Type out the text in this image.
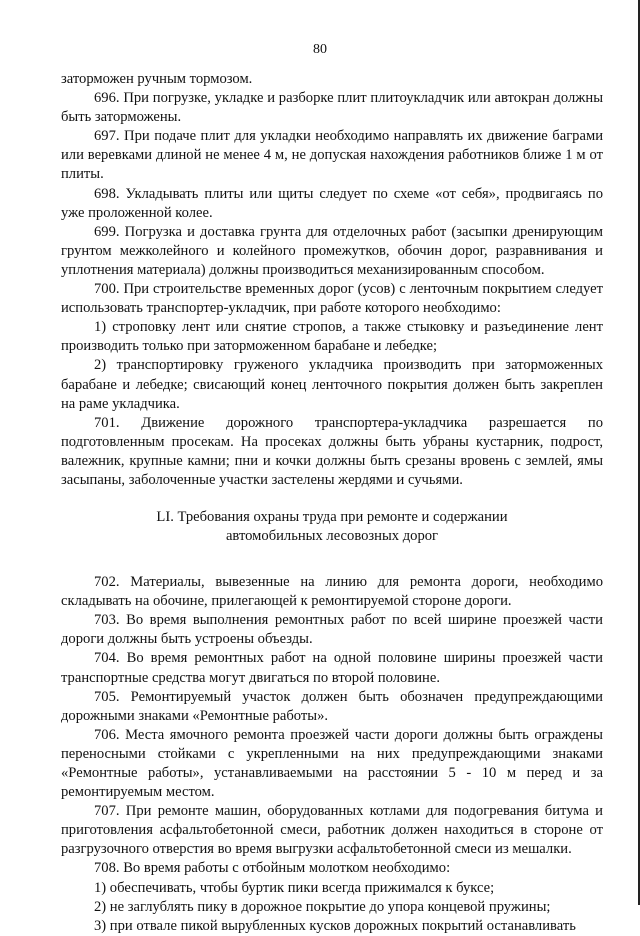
80

заторможен ручным тормозом.

696. При погрузке, укладке и разборке плит плитоукладчик или автокран должны быть заторможены.

697. При подаче плит для укладки необходимо направлять их движение баграми или веревками длиной не менее 4 м, не допуская нахождения работников ближе 1 м от плиты.

698. Укладывать плиты или щиты следует по схеме «от себя», продвигаясь по уже проложенной колее.

699. Погрузка и доставка грунта для отделочных работ (засыпки дренирующим грунтом межколейного и колейного промежутков, обочин дорог, разравнивания и уплотнения материала) должны производиться механизированным способом.

700. При строительстве временных дорог (усов) с ленточным покрытием следует использовать транспортер-укладчик, при работе которого необходимо:

1) строповку лент или снятие стропов, а также стыковку и разъединение лент производить только при заторможенном барабане и лебедке;

2) транспортировку груженого укладчика производить при заторможенных барабане и лебедке; свисающий конец ленточного покрытия должен быть закреплен на раме укладчика.

701. Движение дорожного транспортера-укладчика разрешается по подготовленным просекам. На просеках должны быть убраны кустарник, подрост, валежник, крупные камни; пни и кочки должны быть срезаны вровень с землей, ямы засыпаны, заболоченные участки застелены жердями и сучьями.

LI. Требования охраны труда при ремонте и содержании
автомобильных лесовозных дорог

702. Материалы, вывезенные на линию для ремонта дороги, необходимо складывать на обочине, прилегающей к ремонтируемой стороне дороги.

703. Во время выполнения ремонтных работ по всей ширине проезжей части дороги должны быть устроены объезды.

704. Во время ремонтных работ на одной половине ширины проезжей части транспортные средства могут двигаться по второй половине.

705. Ремонтируемый участок должен быть обозначен предупреждающими дорожными знаками «Ремонтные работы».

706. Места ямочного ремонта проезжей части дороги должны быть ограждены переносными стойками с укрепленными на них предупреждающими знаками «Ремонтные работы», устанавливаемыми на расстоянии 5 - 10 м перед и за ремонтируемым местом.

707. При ремонте машин, оборудованных котлами для подогревания битума и приготовления асфальтобетонной смеси, работник должен находиться в стороне от разгрузочного отверстия во время выгрузки асфальтобетонной смеси из мешалки.

708. Во время работы с отбойным молотком необходимо:

1) обеспечивать, чтобы буртик пики всегда прижимался к буксе;

2) не заглублять пику в дорожное покрытие до упора концевой пружины;

3) при отвале пикой вырубленных кусков дорожных покрытий останавливать
